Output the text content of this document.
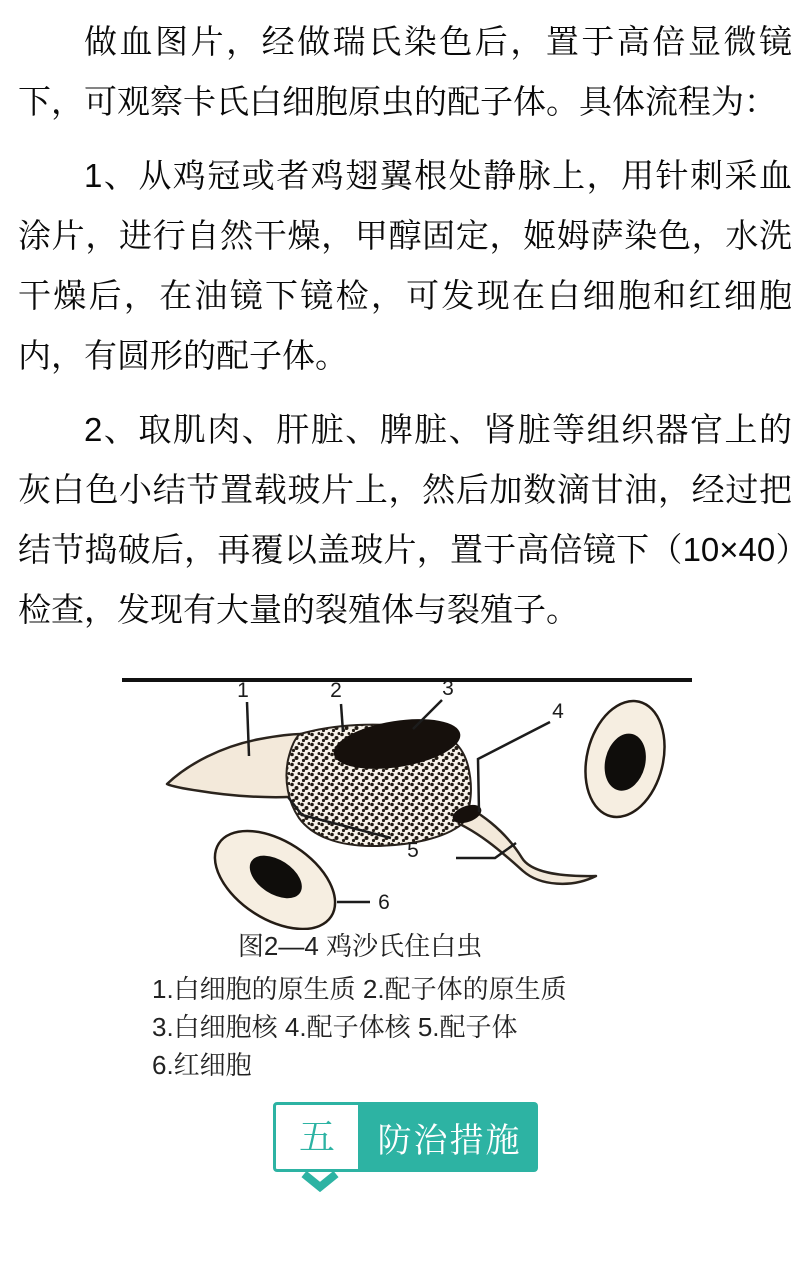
做血图片，经做瑞氏染色后，置于高倍显微镜下，可观察卡氏白细胞原虫的配子体。具体流程为：

1、从鸡冠或者鸡翅翼根处静脉上，用针刺采血涂片，进行自然干燥，甲醇固定，姬姆萨染色，水洗干燥后，在油镜下镜检，可发现在白细胞和红细胞内，有圆形的配子体。

2、取肌肉、肝脏、脾脏、肾脏等组织器官上的灰白色小结节置载玻片上，然后加数滴甘油，经过把结节捣破后，再覆以盖玻片，置于高倍镜下（10×40）检查，发现有大量的裂殖体与裂殖子。

1	2	3
4
5
6
图2—4 鸡沙氏住白虫
1.白细胞的原生质 2.配子体的原生质
3.白细胞核 4.配子体核 5.配子体
6.红细胞
五	防治措施
